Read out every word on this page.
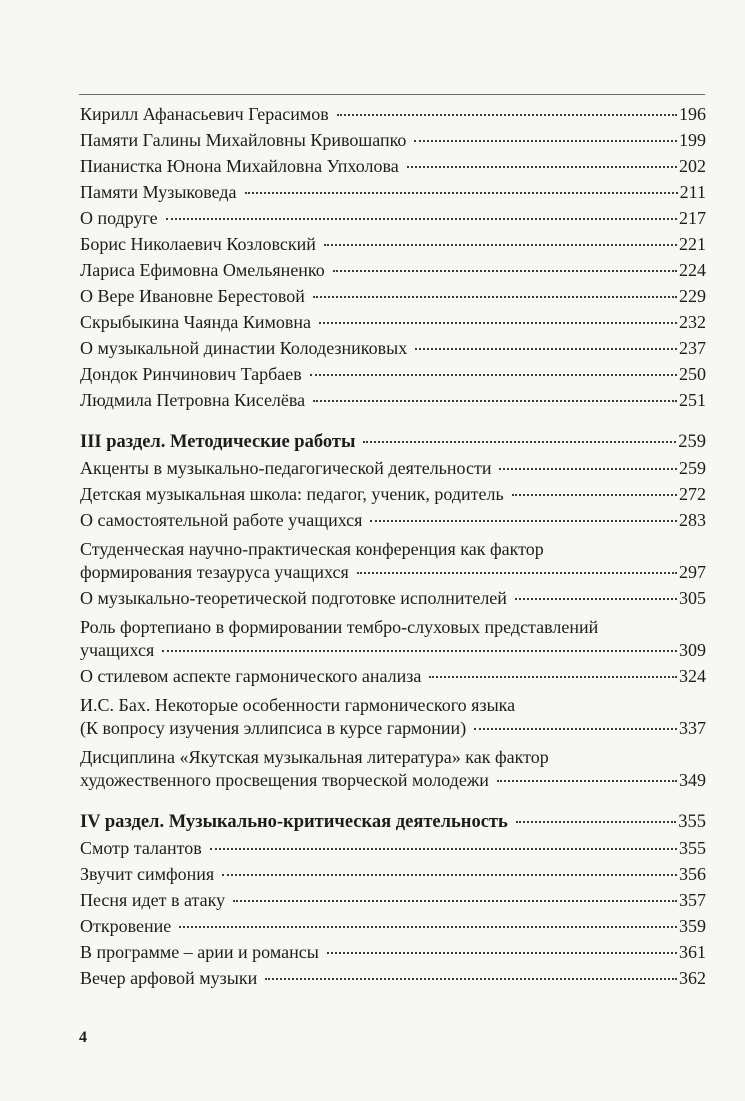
Кирилл Афанасьевич Герасимов	196
Памяти Галины Михайловны Кривошапко	199
Пианистка Юнона Михайловна Упхолова	202
Памяти Музыковеда	211
О подруге	217
Борис Николаевич Козловский	221
Лариса Ефимовна Омельяненко	224
О Вере Ивановне Берестовой	229
Скрыбыкина Чаянда Кимовна	232
О музыкальной династии Колодезниковых	237
Дондок Ринчинович Тарбаев	250
Людмила Петровна Киселёва	251
III раздел. Методические работы	259
Акценты в музыкально-педагогической деятельности	259
Детская музыкальная школа: педагог, ученик, родитель	272
О самостоятельной работе учащихся	283
Студенческая научно-практическая конференция как фактор
формирования тезауруса учащихся	297
О музыкально-теоретической подготовке исполнителей	305
Роль фортепиано в формировании тембро-слуховых представлений
учащихся	309
О стилевом аспекте гармонического анализа	324
И.С. Бах. Некоторые особенности гармонического языка
(К вопросу изучения эллипсиса в курсе гармонии)	337
Дисциплина «Якутская музыкальная литература» как фактор
художественного просвещения творческой молодежи	349
IV раздел. Музыкально-критическая деятельность	355
Смотр талантов	355
Звучит симфония	356
Песня идет в атаку	357
Откровение	359
В программе – арии и романсы	361
Вечер арфовой музыки	362
4
